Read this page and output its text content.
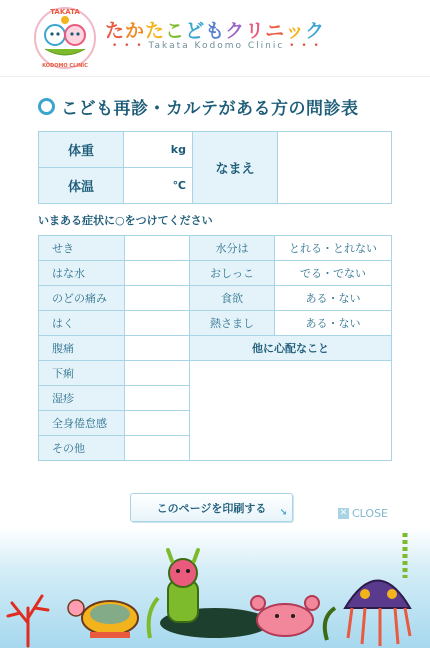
TAKATA
KODOMO CLINIC
たかたこどもクリニック
• • • Takata Kodomo Clinic • • •
こども再診・カルテがある方の問診表
体重	kg	なまえ	
体温	℃		
いまある症状に○をつけてください
せき		水分は	とれる・とれない
はな水		おしっこ	でる・でない
のどの痛み		食欲	ある・ない
はく		熱さまし	ある・ない
腹痛		他に心配なこと	
下痢			
湿疹			
全身倦怠感			
その他			
このページを印刷する ↘	✕ CLOSE
